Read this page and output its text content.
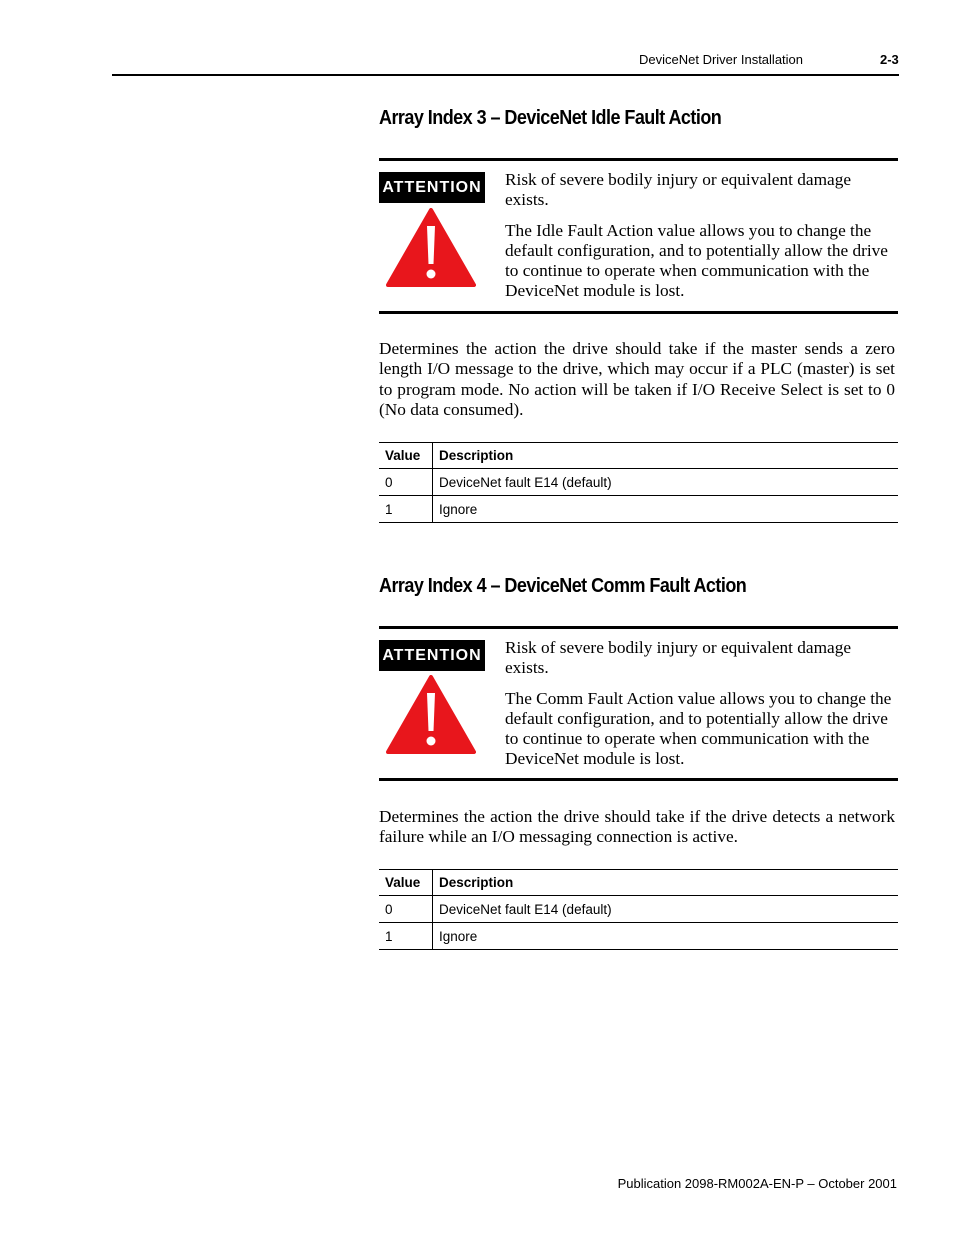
DeviceNet Driver Installation	2-3
Array Index 3 – DeviceNet Idle Fault Action
ATTENTION Risk of severe bodily injury or equivalent damage exists.

The Idle Fault Action value allows you to change the default configuration, and to potentially allow the drive to continue to operate when communication with the DeviceNet module is lost.

Determines the action the drive should take if the master sends a zero length I/O message to the drive, which may occur if a PLC (master) is set to program mode. No action will be taken if I/O Receive Select is set to 0 (No data consumed).
Value	Description
0	DeviceNet fault E14 (default)
1	Ignore
Array Index 4 – DeviceNet Comm Fault Action
ATTENTION Risk of severe bodily injury or equivalent damage exists.

The Comm Fault Action value allows you to change the default configuration, and to potentially allow the drive to continue to operate when communication with the DeviceNet module is lost.

Determines the action the drive should take if the drive detects a network failure while an I/O messaging connection is active.
Value	Description
0	DeviceNet fault E14 (default)
1	Ignore
Publication 2098-RM002A-EN-P – October 2001
